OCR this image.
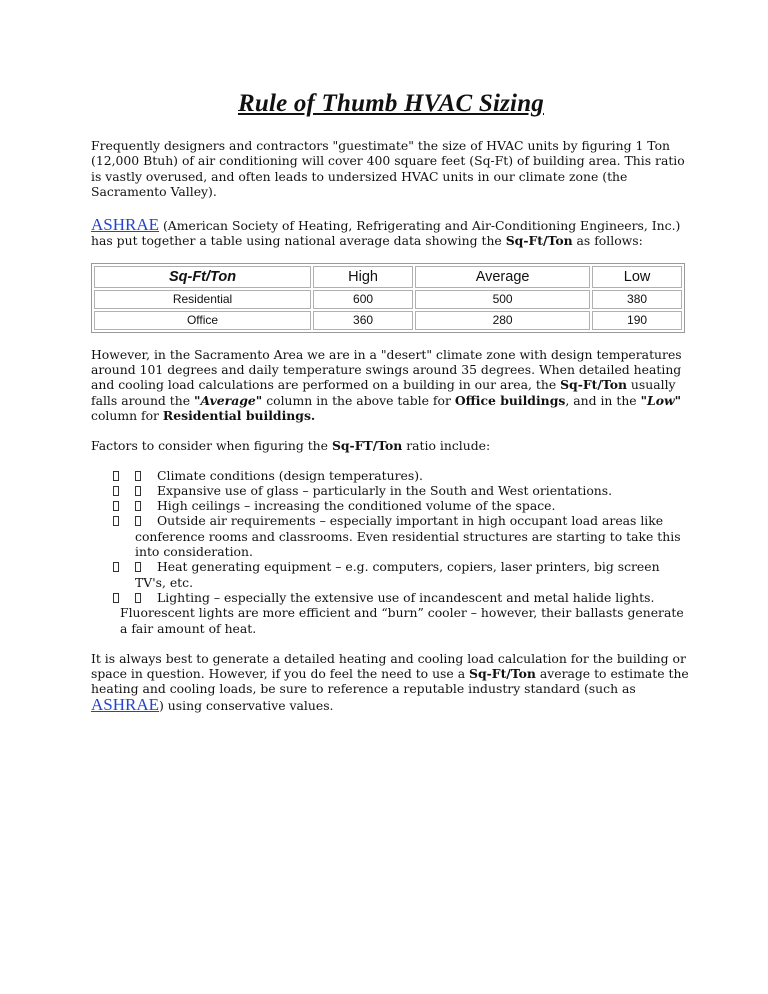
Rule of Thumb HVAC Sizing

Frequently designers and contractors "guestimate" the size of HVAC units by figuring 1 Ton (12,000 Btuh) of air conditioning will cover 400 square feet (Sq-Ft) of building area. This ratio is vastly overused, and often leads to undersized HVAC units in our climate zone (the Sacramento Valley).

ASHRAE (American Society of Heating, Refrigerating and Air-Conditioning Engineers, Inc.) has put together a table using national average data showing the Sq-Ft/Ton as follows:

Sq-Ft/Ton	High	Average	Low
Residential	600	500	380
Office	360	280	190

However, in the Sacramento Area we are in a "desert" climate zone with design temperatures around 101 degrees and daily temperature swings around 35 degrees. When detailed heating and cooling load calculations are performed on a building in our area, the Sq-Ft/Ton usually falls around the "Average" column in the above table for Office buildings, and in the "Low" column for Residential buildings.

Factors to consider when figuring the Sq-FT/Ton ratio include:

Climate conditions (design temperatures).
Expansive use of glass – particularly in the South and West orientations.
High ceilings – increasing the conditioned volume of the space.
Outside air requirements – especially important in high occupant load areas like
conference rooms and classrooms. Even residential structures are starting to take this into consideration.
Heat generating equipment – e.g. computers, copiers, laser printers, big screen TV's, etc.
Lighting – especially the extensive use of incandescent and metal halide lights.
Fluorescent lights are more efficient and “burn” cooler – however, their ballasts generate a fair amount of heat.

It is always best to generate a detailed heating and cooling load calculation for the building or space in question. However, if you do feel the need to use a Sq-Ft/Ton average to estimate the heating and cooling loads, be sure to reference a reputable industry standard (such as ASHRAE) using conservative values.
